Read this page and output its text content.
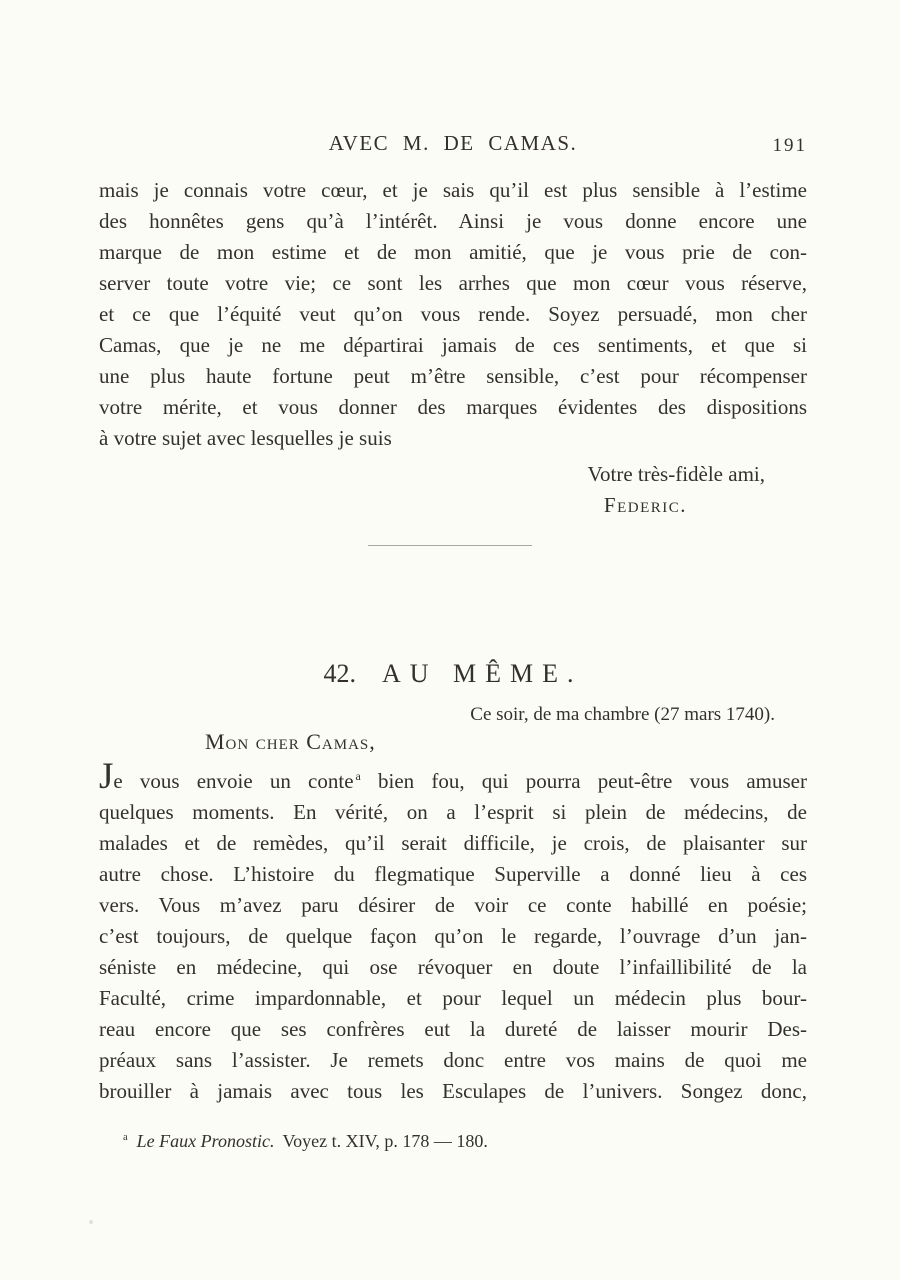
AVEC M. DE CAMAS.	191
mais je connais votre cœur, et je sais qu’il est plus sensible à l’estime
des honnêtes gens qu’à l’intérêt. Ainsi je vous donne encore une
marque de mon estime et de mon amitié, que je vous prie de con-
server toute votre vie; ce sont les arrhes que mon cœur vous réserve,
et ce que l’équité veut qu’on vous rende. Soyez persuadé, mon cher
Camas, que je ne me départirai jamais de ces sentiments, et que si
une plus haute fortune peut m’être sensible, c’est pour récompenser
votre mérite, et vous donner des marques évidentes des dispositions
à votre sujet avec lesquelles je suis
Votre très-fidèle ami,
Federic.
42. AU MÊME.
Ce soir, de ma chambre (27 mars 1740).
Mon cher Camas,
Je vous envoie un conte $^a$ bien fou, qui pourra peut-être vous amuser
quelques moments. En vérité, on a l’esprit si plein de médecins, de
malades et de remèdes, qu’il serait difficile, je crois, de plaisanter sur
autre chose. L’histoire du flegmatique Superville a donné lieu à ces
vers. Vous m’avez paru désirer de voir ce conte habillé en poésie;
c’est toujours, de quelque façon qu’on le regarde, l’ouvrage d’un jan-
séniste en médecine, qui ose révoquer en doute l’infaillibilité de la
Faculté, crime impardonnable, et pour lequel un médecin plus bour-
reau encore que ses confrères eut la dureté de laisser mourir Des-
préaux sans l’assister. Je remets donc entre vos mains de quoi me
brouiller à jamais avec tous les Esculapes de l’univers. Songez donc,
$^a$ Le Faux Pronostic. Voyez t. XIV, p. 178 — 180.
